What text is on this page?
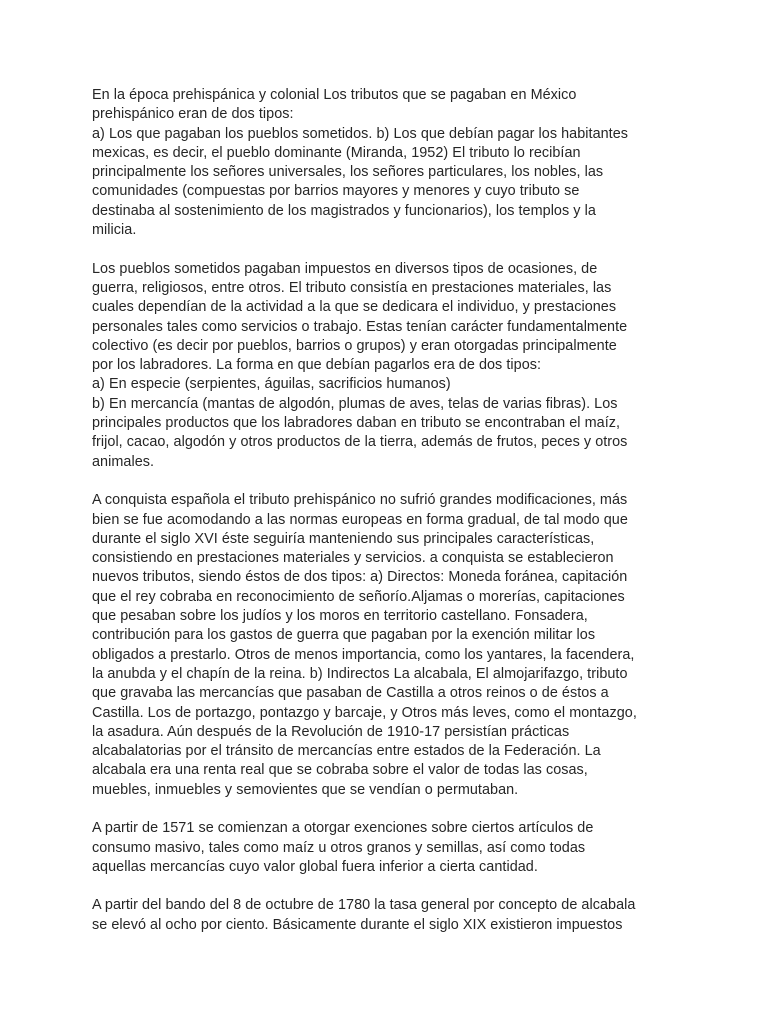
En la época prehispánica y colonial Los tributos que se pagaban en México
prehispánico eran de dos tipos:
a) Los que pagaban los pueblos sometidos. b) Los que debían pagar los habitantes
mexicas, es decir, el pueblo dominante (Miranda, 1952) El tributo lo recibían
principalmente los señores universales, los señores particulares, los nobles, las
comunidades (compuestas por barrios mayores y menores y cuyo tributo se
destinaba al sostenimiento de los magistrados y funcionarios), los templos y la
milicia.
Los pueblos sometidos pagaban impuestos en diversos tipos de ocasiones, de
guerra, religiosos, entre otros. El tributo consistía en prestaciones materiales, las
cuales dependían de la actividad a la que se dedicara el individuo, y prestaciones
personales tales como servicios o trabajo. Estas tenían carácter fundamentalmente
colectivo (es decir por pueblos, barrios o grupos) y eran otorgadas principalmente
por los labradores. La forma en que debían pagarlos era de dos tipos:
a) En especie (serpientes, águilas, sacrificios humanos)
b) En mercancía (mantas de algodón, plumas de aves, telas de varias fibras). Los
principales productos que los labradores daban en tributo se encontraban el maíz,
frijol, cacao, algodón y otros productos de la tierra, además de frutos, peces y otros
animales.
A conquista española el tributo prehispánico no sufrió grandes modificaciones, más
bien se fue acomodando a las normas europeas en forma gradual, de tal modo que
durante el siglo XVI éste seguiría manteniendo sus principales características,
consistiendo en prestaciones materiales y servicios. a conquista se establecieron
nuevos tributos, siendo éstos de dos tipos: a) Directos: Moneda foránea, capitación
que el rey cobraba en reconocimiento de señorío.Aljamas o morerías, capitaciones
que pesaban sobre los judíos y los moros en territorio castellano. Fonsadera,
contribución para los gastos de guerra que pagaban por la exención militar los
obligados a prestarlo. Otros de menos importancia, como los yantares, la facendera,
la anubda y el chapín de la reina. b) Indirectos La alcabala, El almojarifazgo, tributo
que gravaba las mercancías que pasaban de Castilla a otros reinos o de éstos a
Castilla. Los de portazgo, pontazgo y barcaje, y Otros más leves, como el montazgo,
la asadura. Aún después de la Revolución de 1910-17 persistían prácticas
alcabalatorias por el tránsito de mercancías entre estados de la Federación. La
alcabala era una renta real que se cobraba sobre el valor de todas las cosas,
muebles, inmuebles y semovientes que se vendían o permutaban.
A partir de 1571 se comienzan a otorgar exenciones sobre ciertos artículos de
consumo masivo, tales como maíz u otros granos y semillas, así como todas
aquellas mercancías cuyo valor global fuera inferior a cierta cantidad.
A partir del bando del 8 de octubre de 1780 la tasa general por concepto de alcabala
se elevó al ocho por ciento. Básicamente durante el siglo XIX existieron impuestos
